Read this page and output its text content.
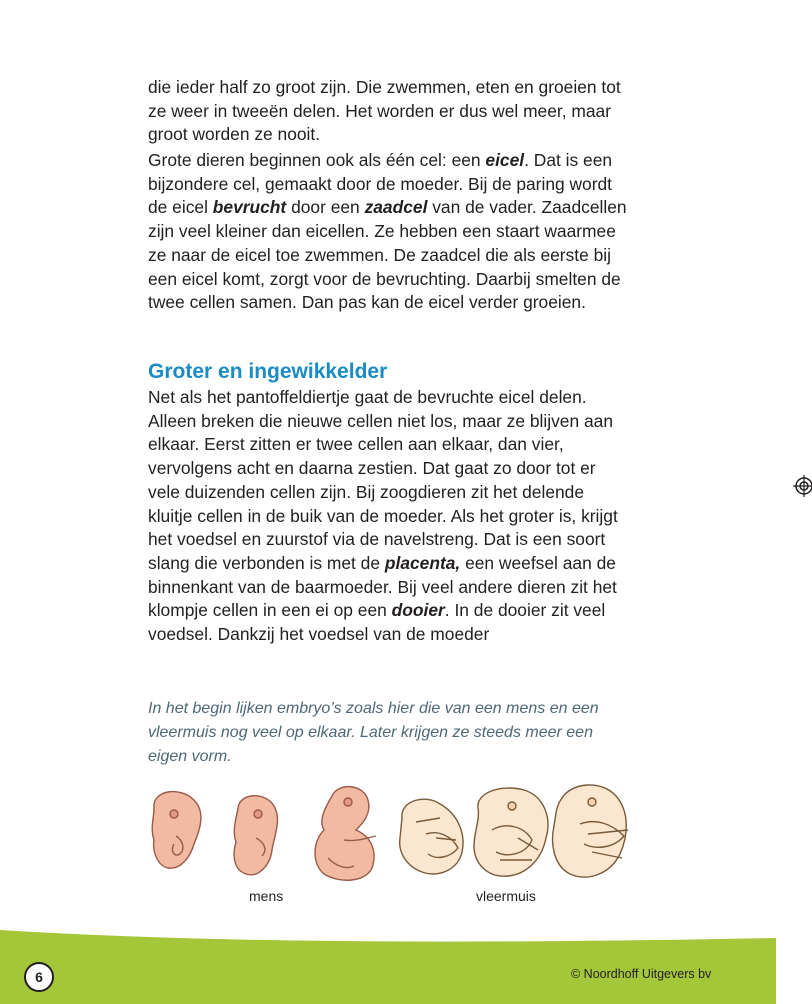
die ieder half zo groot zijn. Die zwemmen, eten en groeien tot ze weer in tweeën delen. Het worden er dus wel meer, maar groot worden ze nooit.

Grote dieren beginnen ook als één cel: een eicel. Dat is een bijzondere cel, gemaakt door de moeder. Bij de paring wordt de eicel bevrucht door een zaadcel van de vader. Zaadcellen zijn veel kleiner dan eicellen. Ze hebben een staart waarmee ze naar de eicel toe zwemmen. De zaadcel die als eerste bij een eicel komt, zorgt voor de bevruchting. Daarbij smelten de twee cellen samen. Dan pas kan de eicel verder groeien.

Groter en ingewikkelder

Net als het pantoffeldiertje gaat de bevruchte eicel delen. Alleen breken die nieuwe cellen niet los, maar ze blijven aan elkaar. Eerst zitten er twee cellen aan elkaar, dan vier, vervolgens acht en daarna zestien. Dat gaat zo door tot er vele duizenden cellen zijn. Bij zoogdieren zit het delende kluitje cellen in de buik van de moeder. Als het groter is, krijgt het voedsel en zuurstof via de navelstreng. Dat is een soort slang die verbonden is met de placenta, een weefsel aan de binnenkant van de baarmoeder. Bij veel andere dieren zit het klompje cellen in een ei op een dooier. In de dooier zit veel voedsel. Dankzij het voedsel van de moeder

In het begin lijken embryo’s zoals hier die van een mens en een vleermuis nog veel op elkaar. Later krijgen ze steeds meer een eigen vorm.

mens	vleermuis
6	© Noordhoff Uitgevers bv
